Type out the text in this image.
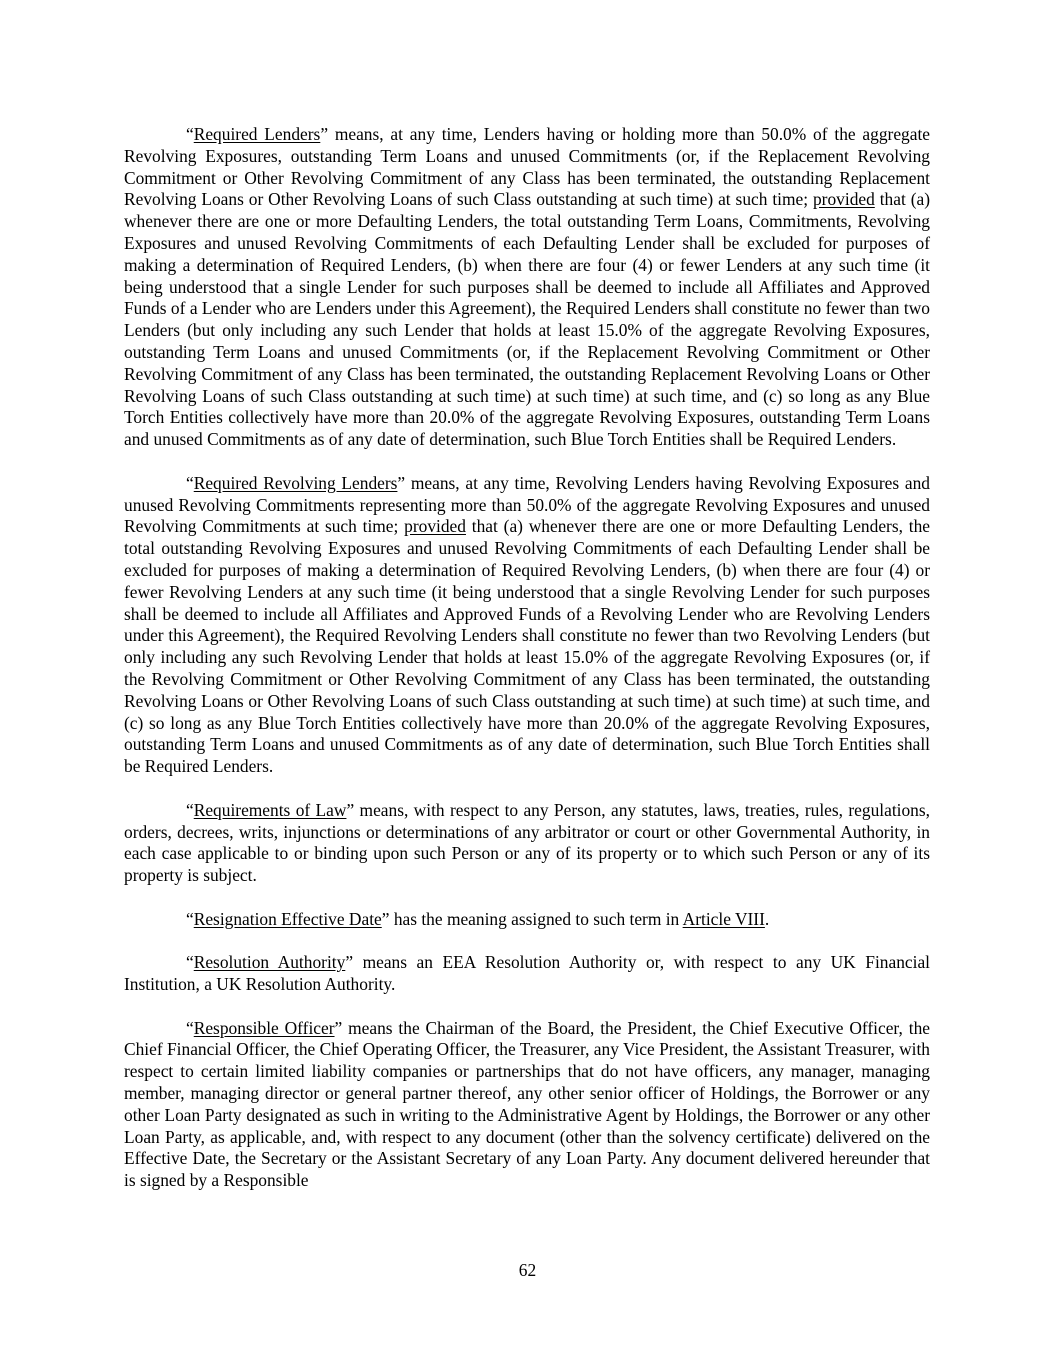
“Required Lenders” means, at any time, Lenders having or holding more than 50.0% of the aggregate Revolving Exposures, outstanding Term Loans and unused Commitments (or, if the Replacement Revolving Commitment or Other Revolving Commitment of any Class has been terminated, the outstanding Replacement Revolving Loans or Other Revolving Loans of such Class outstanding at such time) at such time; provided that (a) whenever there are one or more Defaulting Lenders, the total outstanding Term Loans, Commitments, Revolving Exposures and unused Revolving Commitments of each Defaulting Lender shall be excluded for purposes of making a determination of Required Lenders, (b) when there are four (4) or fewer Lenders at any such time (it being understood that a single Lender for such purposes shall be deemed to include all Affiliates and Approved Funds of a Lender who are Lenders under this Agreement), the Required Lenders shall constitute no fewer than two Lenders (but only including any such Lender that holds at least 15.0% of the aggregate Revolving Exposures, outstanding Term Loans and unused Commitments (or, if the Replacement Revolving Commitment or Other Revolving Commitment of any Class has been terminated, the outstanding Replacement Revolving Loans or Other Revolving Loans of such Class outstanding at such time) at such time) at such time, and (c) so long as any Blue Torch Entities collectively have more than 20.0% of the aggregate Revolving Exposures, outstanding Term Loans and unused Commitments as of any date of determination, such Blue Torch Entities shall be Required Lenders.

“Required Revolving Lenders” means, at any time, Revolving Lenders having Revolving Exposures and unused Revolving Commitments representing more than 50.0% of the aggregate Revolving Exposures and unused Revolving Commitments at such time; provided that (a) whenever there are one or more Defaulting Lenders, the total outstanding Revolving Exposures and unused Revolving Commitments of each Defaulting Lender shall be excluded for purposes of making a determination of Required Revolving Lenders, (b) when there are four (4) or fewer Revolving Lenders at any such time (it being understood that a single Revolving Lender for such purposes shall be deemed to include all Affiliates and Approved Funds of a Revolving Lender who are Revolving Lenders under this Agreement), the Required Revolving Lenders shall constitute no fewer than two Revolving Lenders (but only including any such Revolving Lender that holds at least 15.0% of the aggregate Revolving Exposures (or, if the Revolving Commitment or Other Revolving Commitment of any Class has been terminated, the outstanding Revolving Loans or Other Revolving Loans of such Class outstanding at such time) at such time) at such time, and (c) so long as any Blue Torch Entities collectively have more than 20.0% of the aggregate Revolving Exposures, outstanding Term Loans and unused Commitments as of any date of determination, such Blue Torch Entities shall be Required Lenders.

“Requirements of Law” means, with respect to any Person, any statutes, laws, treaties, rules, regulations, orders, decrees, writs, injunctions or determinations of any arbitrator or court or other Governmental Authority, in each case applicable to or binding upon such Person or any of its property or to which such Person or any of its property is subject.

“Resignation Effective Date” has the meaning assigned to such term in Article VIII.

“Resolution Authority” means an EEA Resolution Authority or, with respect to any UK Financial Institution, a UK Resolution Authority.

“Responsible Officer” means the Chairman of the Board, the President, the Chief Executive Officer, the Chief Financial Officer, the Chief Operating Officer, the Treasurer, any Vice President, the Assistant Treasurer, with respect to certain limited liability companies or partnerships that do not have officers, any manager, managing member, managing director or general partner thereof, any other senior officer of Holdings, the Borrower or any other Loan Party designated as such in writing to the Administrative Agent by Holdings, the Borrower or any other Loan Party, as applicable, and, with respect to any document (other than the solvency certificate) delivered on the Effective Date, the Secretary or the Assistant Secretary of any Loan Party. Any document delivered hereunder that is signed by a Responsible

62
